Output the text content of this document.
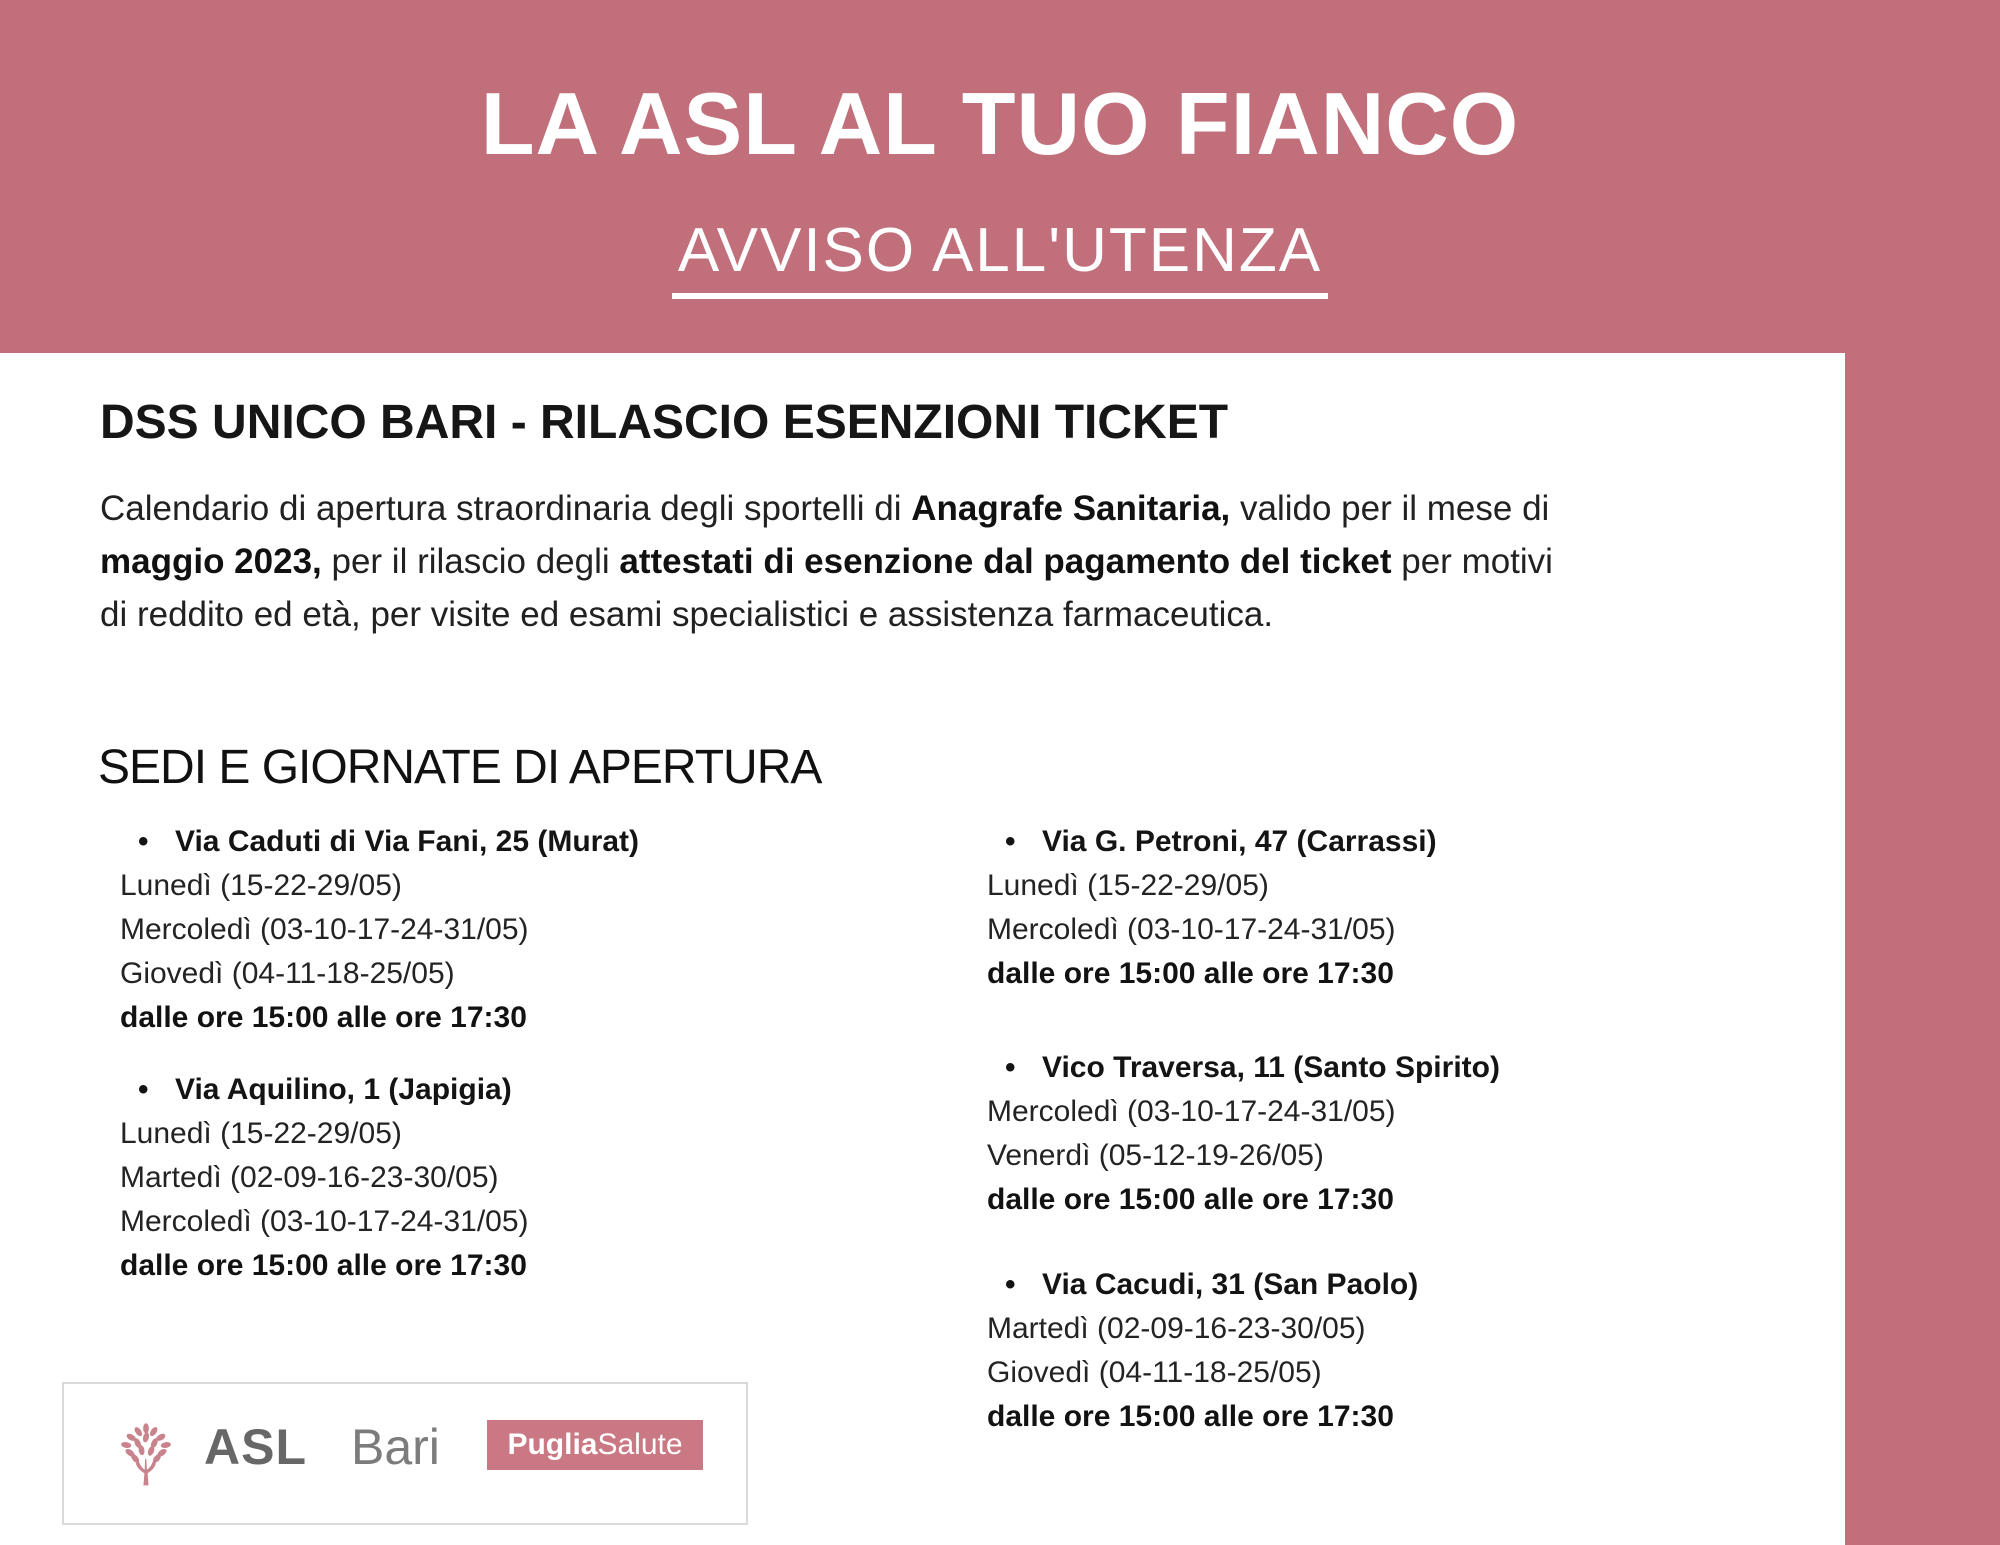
LA ASL AL TUO FIANCO
AVVISO ALL'UTENZA
DSS UNICO BARI - RILASCIO ESENZIONI TICKET
Calendario di apertura straordinaria degli sportelli di Anagrafe Sanitaria, valido per il mese di
maggio 2023, per il rilascio degli attestati di esenzione dal pagamento del ticket per motivi
di reddito ed età, per visite ed esami specialistici e assistenza farmaceutica.
SEDI E GIORNATE DI APERTURA
• Via Caduti di Via Fani, 25 (Murat)
Lunedì (15-22-29/05)
Mercoledì (03-10-17-24-31/05)
Giovedì (04-11-18-25/05)
dalle ore 15:00 alle ore 17:30
• Via Aquilino, 1 (Japigia)
Lunedì (15-22-29/05)
Martedì (02-09-16-23-30/05)
Mercoledì (03-10-17-24-31/05)
dalle ore 15:00 alle ore 17:30
• Via G. Petroni, 47 (Carrassi)
Lunedì (15-22-29/05)
Mercoledì (03-10-17-24-31/05)
dalle ore 15:00 alle ore 17:30
• Vico Traversa, 11 (Santo Spirito)
Mercoledì (03-10-17-24-31/05)
Venerdì (05-12-19-26/05)
dalle ore 15:00 alle ore 17:30
• Via Cacudi, 31 (San Paolo)
Martedì (02-09-16-23-30/05)
Giovedì (04-11-18-25/05)
dalle ore 15:00 alle ore 17:30
ASL Bari Puglia Salute
